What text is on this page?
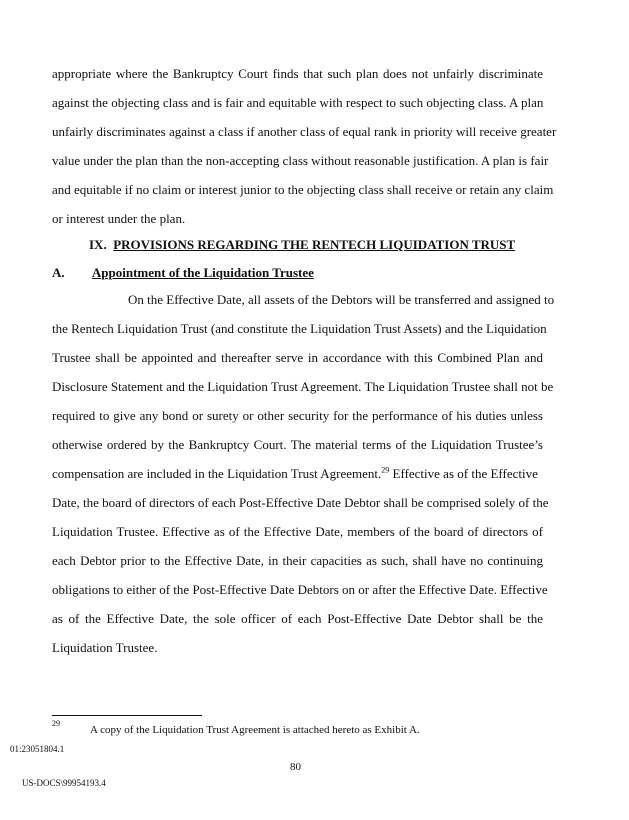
appropriate where the Bankruptcy Court finds that such plan does not unfairly discriminate
against the objecting class and is fair and equitable with respect to such objecting class. A plan
unfairly discriminates against a class if another class of equal rank in priority will receive greater
value under the plan than the non-accepting class without reasonable justification. A plan is fair
and equitable if no claim or interest junior to the objecting class shall receive or retain any claim
or interest under the plan.
IX. PROVISIONS REGARDING THE RENTECH LIQUIDATION TRUST
A. Appointment of the Liquidation Trustee
On the Effective Date, all assets of the Debtors will be transferred and assigned to
the Rentech Liquidation Trust (and constitute the Liquidation Trust Assets) and the Liquidation
Trustee shall be appointed and thereafter serve in accordance with this Combined Plan and
Disclosure Statement and the Liquidation Trust Agreement. The Liquidation Trustee shall not be
required to give any bond or surety or other security for the performance of his duties unless
otherwise ordered by the Bankruptcy Court. The material terms of the Liquidation Trustee’s
compensation are included in the Liquidation Trust Agreement.$^{29}$ Effective as of the Effective
Date, the board of directors of each Post-Effective Date Debtor shall be comprised solely of the
Liquidation Trustee. Effective as of the Effective Date, members of the board of directors of
each Debtor prior to the Effective Date, in their capacities as such, shall have no continuing
obligations to either of the Post-Effective Date Debtors on or after the Effective Date. Effective
as of the Effective Date, the sole officer of each Post-Effective Date Debtor shall be the
Liquidation Trustee.
29
A copy of the Liquidation Trust Agreement is attached hereto as Exhibit A.
01:23051804.1
80
US-DOCS\99954193.4
